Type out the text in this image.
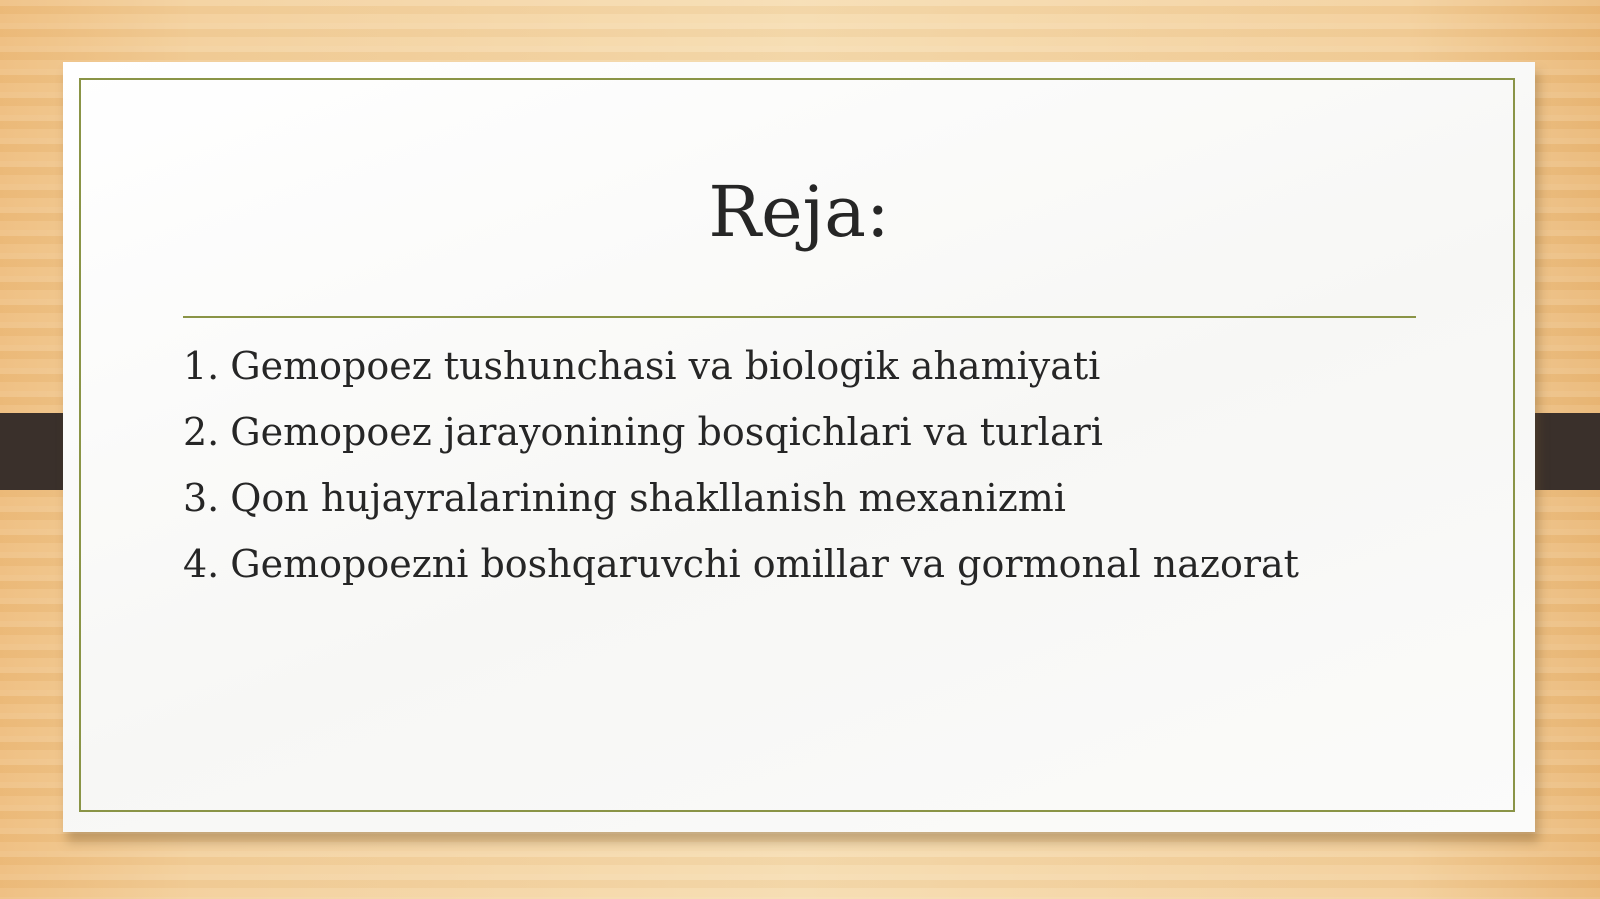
Reja:
1. Gemopoez tushunchasi va biologik ahamiyati
2. Gemopoez jarayonining bosqichlari va turlari
3. Qon hujayralarining shakllanish mexanizmi
4. Gemopoezni boshqaruvchi omillar va gormonal nazorat
